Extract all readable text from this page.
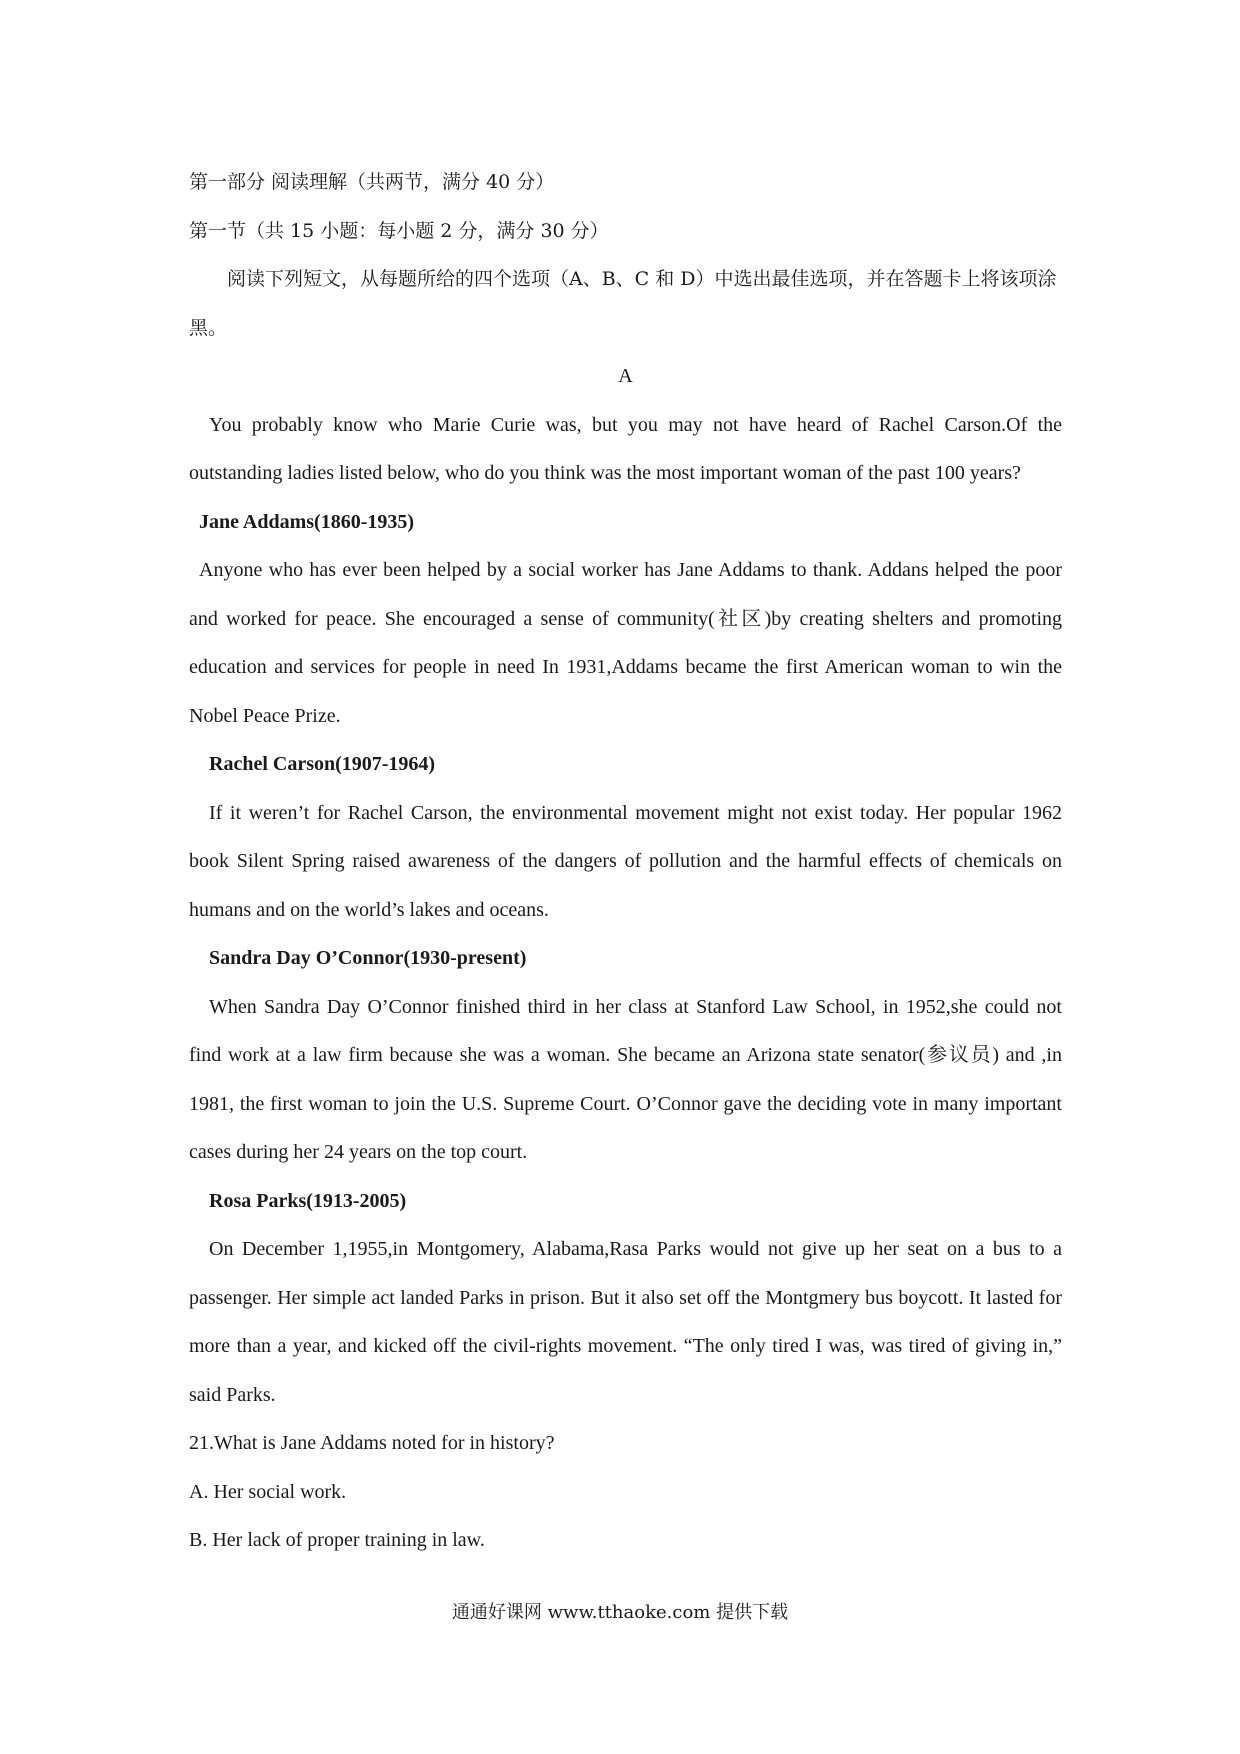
第一部分 阅读理解（共两节，满分 40 分）

第一节（共 15 小题：每小题 2 分，满分 30 分）

阅读下列短文，从每题所给的四个选项（A、B、C 和 D）中选出最佳选项，并在答题卡上将该项涂黑。

A

You probably know who Marie Curie was, but you may not have heard of Rachel Carson.Of the outstanding ladies listed below, who do you think was the most important woman of the past 100 years?

Jane Addams(1860-1935)

Anyone who has ever been helped by a social worker has Jane Addams to thank. Addans helped the poor and worked for peace. She encouraged a sense of community(社区)by creating shelters and promoting education and services for people in need In 1931,Addams became the first American woman to win the Nobel Peace Prize.

Rachel Carson(1907-1964)

If it weren’t for Rachel Carson, the environmental movement might not exist today. Her popular 1962 book Silent Spring raised awareness of the dangers of pollution and the harmful effects of chemicals on humans and on the world’s lakes and oceans.

Sandra Day O’Connor(1930-present)

When Sandra Day O’Connor finished third in her class at Stanford Law School, in 1952,she could not find work at a law firm because she was a woman. She became an Arizona state senator(参议员) and ,in 1981, the first woman to join the U.S. Supreme Court. O’Connor gave the deciding vote in many important cases during her 24 years on the top court.

Rosa Parks(1913-2005)

On December 1,1955,in Montgomery, Alabama,Rasa Parks would not give up her seat on a bus to a passenger. Her simple act landed Parks in prison. But it also set off the Montgmery bus boycott. It lasted for more than a year, and kicked off the civil-rights movement. “The only tired I was, was tired of giving in,” said Parks.

21.What is Jane Addams noted for in history?

A. Her social work.

B. Her lack of proper training in law.

通通好课网 www.tthaoke.com 提供下载
